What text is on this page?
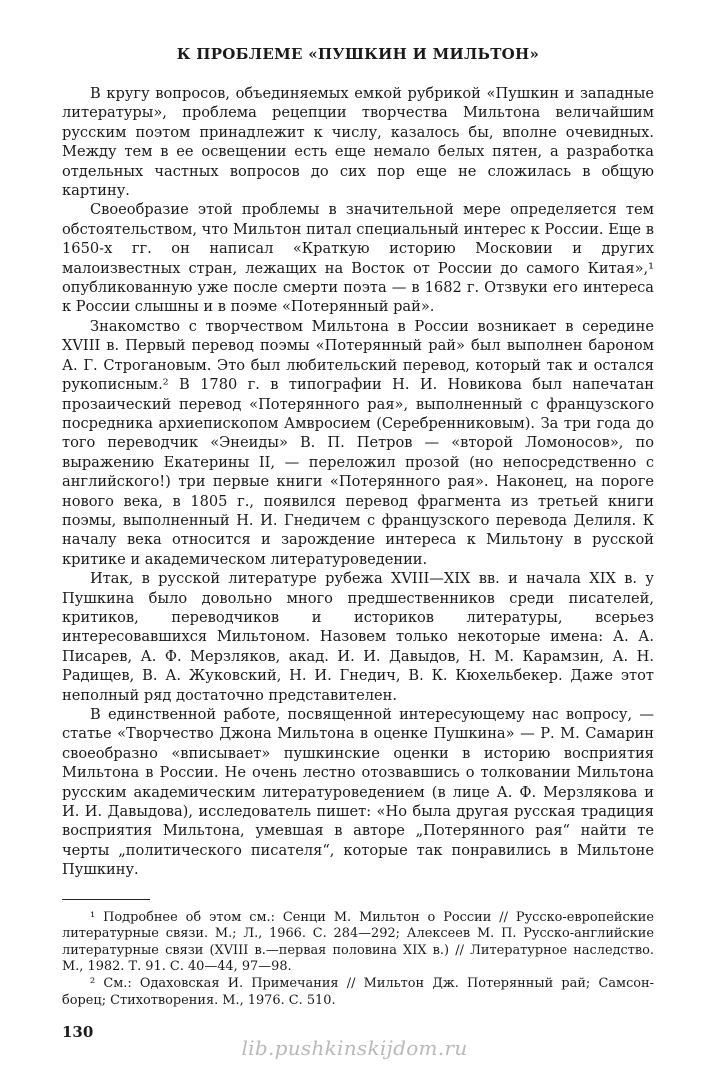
К ПРОБЛЕМЕ «ПУШКИН И МИЛЬТОН»

В кругу вопросов, объединяемых емкой рубрикой «Пушкин и западные литературы», проблема рецепции творчества Мильтона величайшим русским поэтом принадлежит к числу, казалось бы, вполне очевидных. Между тем в ее освещении есть еще немало белых пятен, а разработка отдельных частных вопросов до сих пор еще не сложилась в общую картину.

Своеобразие этой проблемы в значительной мере определяется тем обстоятельством, что Мильтон питал специальный интерес к России. Еще в 1650-х гг. он написал «Краткую историю Московии и других малоизвестных стран, лежащих на Восток от России до самого Китая»,¹ опубликованную уже после смерти поэта — в 1682 г. Отзвуки его интереса к России слышны и в поэме «Потерянный рай».

Знакомство с творчеством Мильтона в России возникает в середине XVIII в. Первый перевод поэмы «Потерянный рай» был выполнен бароном А. Г. Строгановым. Это был любительский перевод, который так и остался рукописным.² В 1780 г. в типографии Н. И. Новикова был напечатан прозаический перевод «Потерянного рая», выполненный с французского посредника архиепископом Амвросием (Серебренниковым). За три года до того переводчик «Энеиды» В. П. Петров — «второй Ломоносов», по выражению Екатерины II, — переложил прозой (но непосредственно с английского!) три первые книги «Потерянного рая». Наконец, на пороге нового века, в 1805 г., появился перевод фрагмента из третьей книги поэмы, выполненный Н. И. Гнедичем с французского перевода Делиля. К началу века относится и зарождение интереса к Мильтону в русской критике и академическом литературоведении.

Итак, в русской литературе рубежа XVIII—XIX вв. и начала XIX в. у Пушкина было довольно много предшественников среди писателей, критиков, переводчиков и историков литературы, всерьез интересовавшихся Мильтоном. Назовем только некоторые имена: А. А. Писарев, А. Ф. Мерзляков, акад. И. И. Давыдов, Н. М. Карамзин, А. Н. Радищев, В. А. Жуковский, Н. И. Гнедич, В. К. Кюхельбекер. Даже этот неполный ряд достаточно представителен.

В единственной работе, посвященной интересующему нас вопросу, — статье «Творчество Джона Мильтона в оценке Пушкина» — Р. М. Самарин своеобразно «вписывает» пушкинские оценки в историю восприятия Мильтона в России. Не очень лестно отозвавшись о толковании Мильтона русским академическим литературоведением (в лице А. Ф. Мерзлякова и И. И. Давыдова), исследователь пишет: «Но была другая русская традиция восприятия Мильтона, умевшая в авторе „Потерянного рая“ найти те черты „политического писателя“, которые так понравились в Мильтоне Пушкину.

¹ Подробнее об этом см.: Сенци М. Мильтон о России // Русско-европейские литературные связи. М.; Л., 1966. С. 284—292; Алексеев М. П. Русско-английские литературные связи (XVIII в.—первая половина XIX в.) // Литературное наследство. М., 1982. Т. 91. С. 40—44, 97—98.

² См.: Одаховская И. Примечания // Мильтон Дж. Потерянный рай; Самсон-борец; Стихотворения. М., 1976. С. 510.

130
lib.pushkinskijdom.ru
